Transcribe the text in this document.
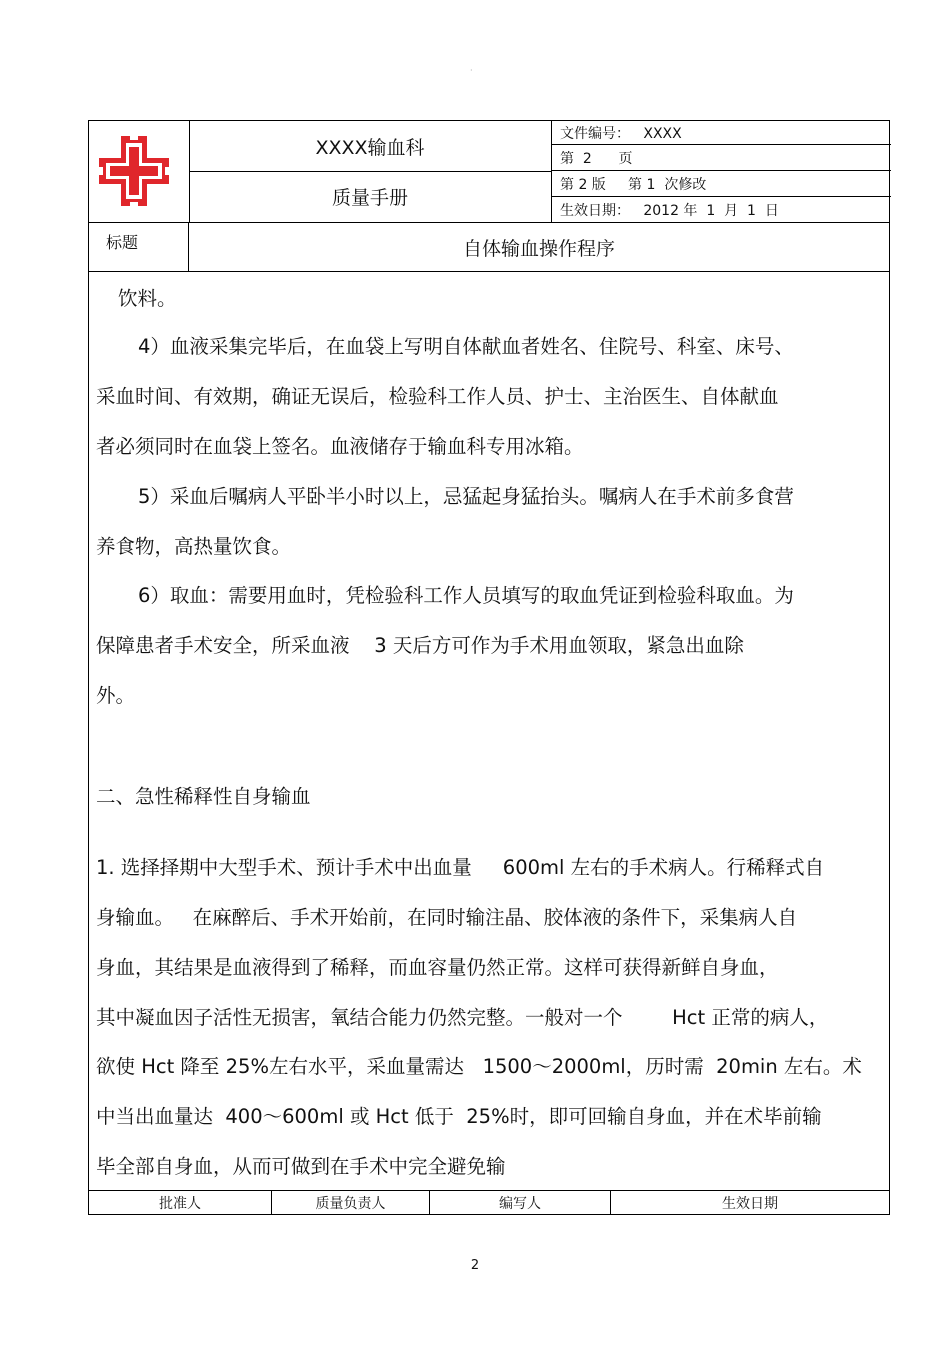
·
XXXX输血科
质量手册
文件编号：   XXXX
第  2      页
第 2 版     第 1  次修改
生效日期：   2012 年  1  月  1  日
标题	自体输血操作程序
饮料。
4）血液采集完毕后，在血袋上写明自体献血者姓名、住院号、科室、床号、
采血时间、有效期，确证无误后，检验科工作人员、护士、主治医生、自体献血
者必须同时在血袋上签名。血液储存于输血科专用冰箱。
5）采血后嘱病人平卧半小时以上，忌猛起身猛抬头。嘱病人在手术前多食营
养食物，高热量饮食。
6）取血：需要用血时，凭检验科工作人员填写的取血凭证到检验科取血。为
保障患者手术安全，所采血液    3 天后方可作为手术用血领取，紧急出血除
外。
二、急性稀释性自身输血
1. 选择择期中大型手术、预计手术中出血量     600ml 左右的手术病人。行稀释式自
身输血。   在麻醉后、手术开始前，在同时输注晶、胶体液的条件下，采集病人自
身血，其结果是血液得到了稀释，而血容量仍然正常。这样可获得新鲜自身血，
其中凝血因子活性无损害，氧结合能力仍然完整。一般对一个        Hct 正常的病人，
欲使 Hct 降至 25%左右水平，采血量需达   1500～2000ml，历时需  20min 左右。术
中当出血量达  400～600ml 或 Hct 低于  25%时，即可回输自身血，并在术毕前输
毕全部自身血，从而可做到在手术中完全避免输
批准人	质量负责人	编写人	生效日期
2
